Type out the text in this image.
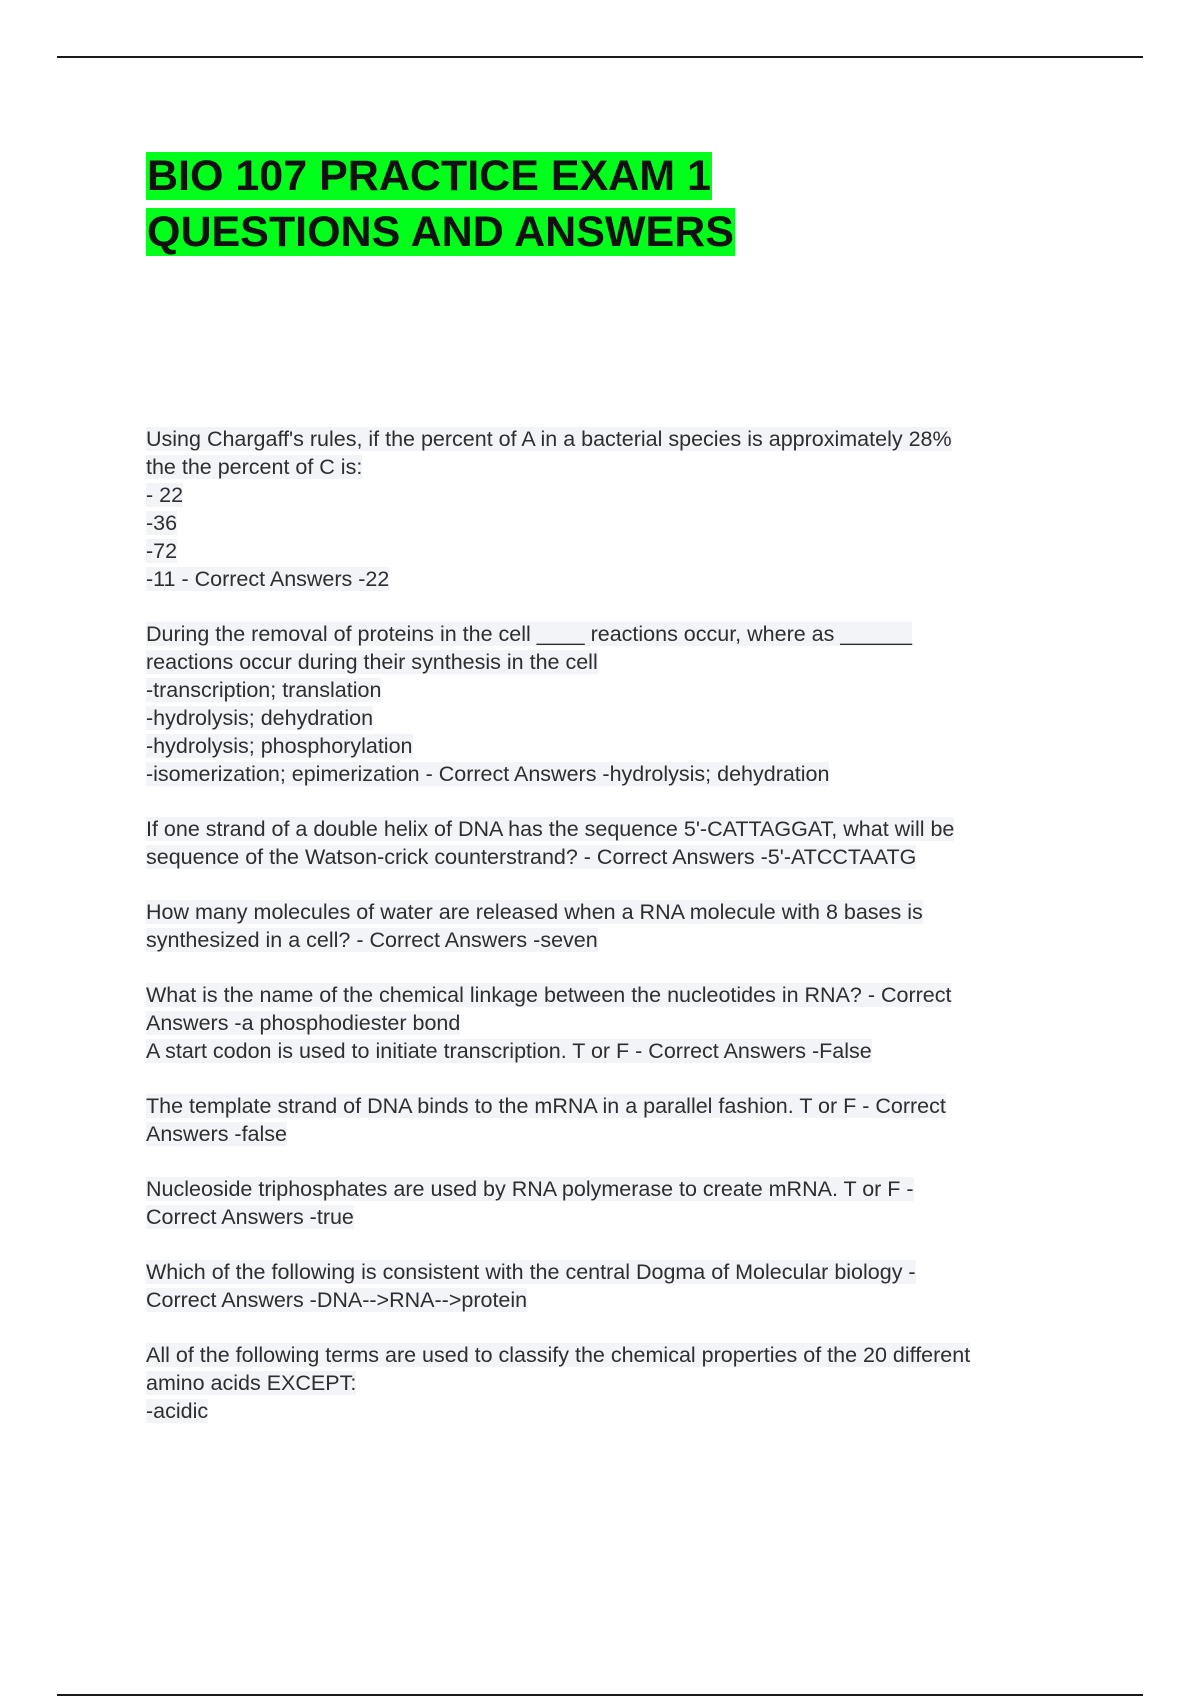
BIO 107 PRACTICE EXAM 1
QUESTIONS AND ANSWERS
Using Chargaff's rules, if the percent of A in a bacterial species is approximately 28%
the the percent of C is:
- 22
-36
-72
-11 - Correct Answers -22
During the removal of proteins in the cell ____ reactions occur, where as ______
reactions occur during their synthesis in the cell
-transcription; translation
-hydrolysis; dehydration
-hydrolysis; phosphorylation
-isomerization; epimerization - Correct Answers -hydrolysis; dehydration
If one strand of a double helix of DNA has the sequence 5'-CATTAGGAT, what will be
sequence of the Watson-crick counterstrand? - Correct Answers -5'-ATCCTAATG
How many molecules of water are released when a RNA molecule with 8 bases is
synthesized in a cell? - Correct Answers -seven
What is the name of the chemical linkage between the nucleotides in RNA? - Correct
Answers -a phosphodiester bond
A start codon is used to initiate transcription. T or F - Correct Answers -False
The template strand of DNA binds to the mRNA in a parallel fashion. T or F - Correct
Answers -false
Nucleoside triphosphates are used by RNA polymerase to create mRNA. T or F -
Correct Answers -true
Which of the following is consistent with the central Dogma of Molecular biology -
Correct Answers -DNA-->RNA-->protein
All of the following terms are used to classify the chemical properties of the 20 different
amino acids EXCEPT:
-acidic
